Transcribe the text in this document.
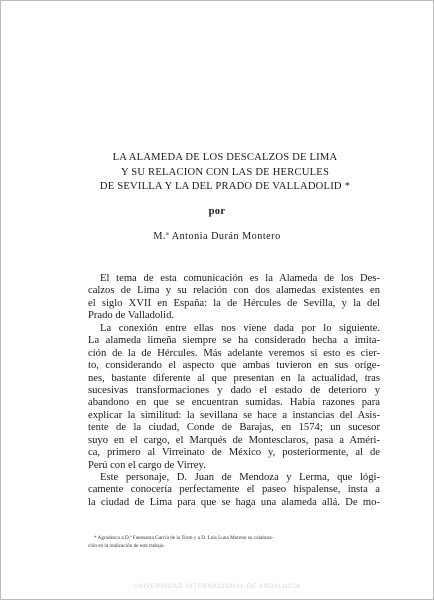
LA ALAMEDA DE LOS DESCALZOS DE LIMA
Y SU RELACION CON LAS DE HERCULES
DE SEVILLA Y LA DEL PRADO DE VALLADOLID *
por
M.ª Antonia Durán Montero
El tema de esta comunicación es la Alameda de los Des-
calzos de Lima y su relación con dos alamedas existentes en
el siglo XVII en España: la de Hércules de Sevilla, y la del
Prado de Valladolid.
La conexión entre ellas nos viene dada por lo siguiente.
La alameda limeña siempre se ha considerado hecha a imita-
ción de la de Hércules. Más adelante veremos si esto es cier-
to, considerando el aspecto que ambas tuvieron en sus oríge-
nes, bastante diferente al que presentan en la actualidad, tras
sucesivas transformaciones y dado el estado de deterioro y
abandono en que se encuentran sumidas. Había razones para
explicar la similitud: la sevillana se hace a instancias del Asis-
tente de la ciudad, Conde de Barajas, en 1574; un sucesor
suyo en el cargo, el Marqués de Montesclaros, pasa a Améri-
ca, primero al Virreinato de México y, posteriormente, al de
Perú con el cargo de Virrey.
Este personaje, D. Juan de Mendoza y Lerma, que lógi-
camente conocería perfectamente el paseo hispalense, insta a
la ciudad de Lima para que se haga una alameda allá. De mo-
* Agradezco a D.ª Fuensanta García de la Torre y a D. Luis Luna Moreno su colabora-
ción en la realización de este trabajo.
UNIVERSIDAD INTERNACIONAL DE ANDALUCÍA
